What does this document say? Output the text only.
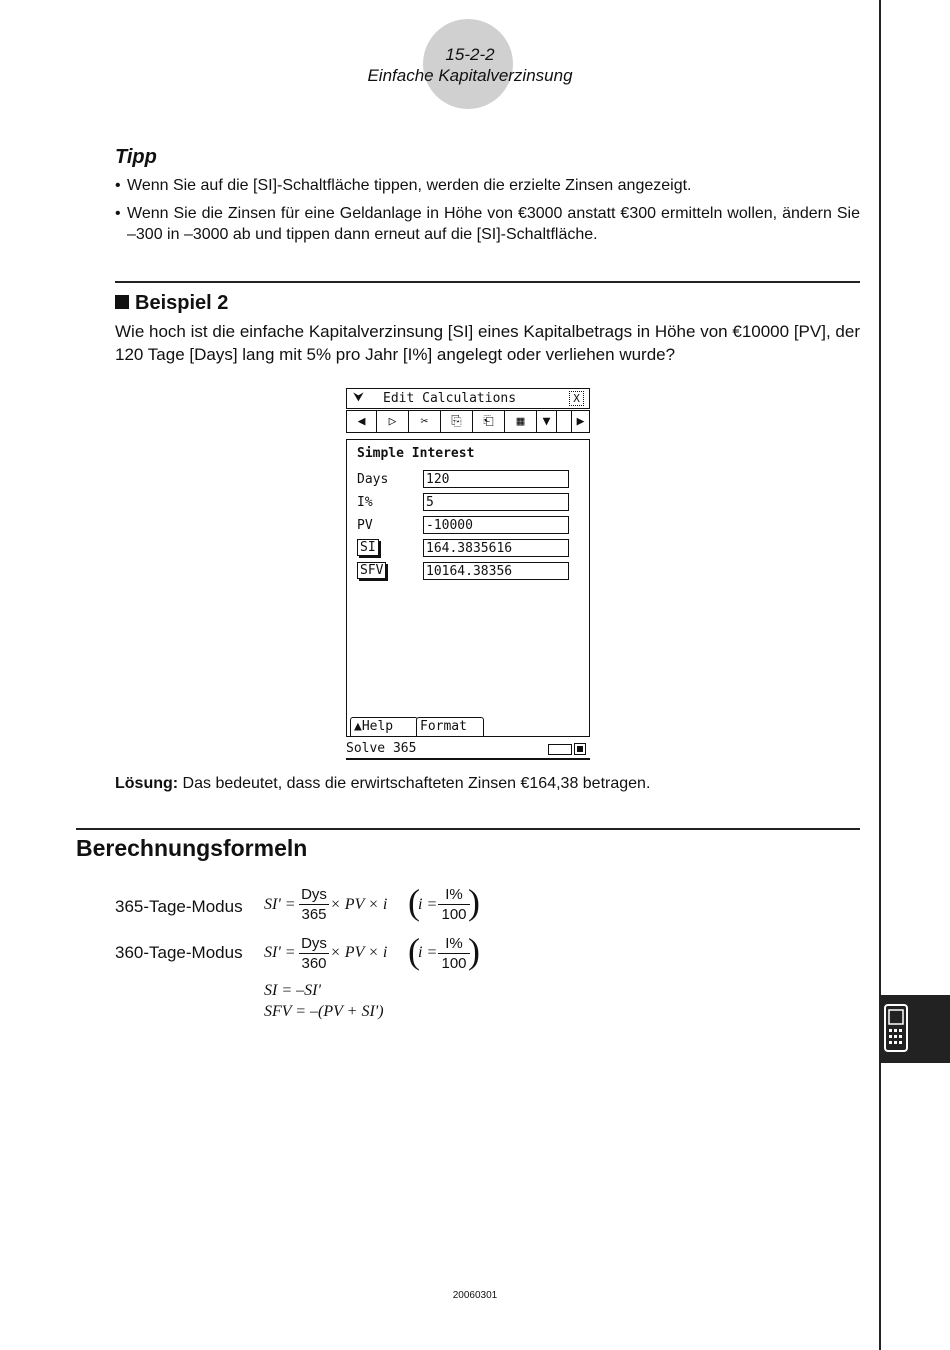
15-2-2
Einfache Kapitalverzinsung
Tipp
• Wenn Sie auf die [SI]-Schaltfläche tippen, werden die erzielte Zinsen angezeigt.
• Wenn Sie die Zinsen für eine Geldanlage in Höhe von €3000 anstatt €300 ermitteln wollen, ändern Sie –300 in –3000 ab und tippen dann erneut auf die [SI]-Schaltfläche.
Beispiel 2
Wie hoch ist die einfache Kapitalverzinsung [SI] eines Kapitalbetrags in Höhe von €10000 [PV], der 120 Tage [Days] lang mit 5% pro Jahr [I%] angelegt oder verliehen wurde?
⮟ Edit Calculations	X
◀	▷	✂	⎘	⎗	▦	▼	▶
Simple Interest
Days	120
I%	5
PV	-10000
SI	164.3835616
SFV	10164.38356
▲Help	Format
Solve 365
Lösung: Das bedeutet, dass die erwirtschafteten Zinsen €164,38 betragen.
Berechnungsformeln
365-Tage-Modus SI' =
Dys
365
× PV × i (
i =
I%
100 )
360-Tage-Modus SI' =
Dys
360
× PV × i (
i =
I%
100 )
SI = –SI'
SFV = –(PV + SI')
20060301
